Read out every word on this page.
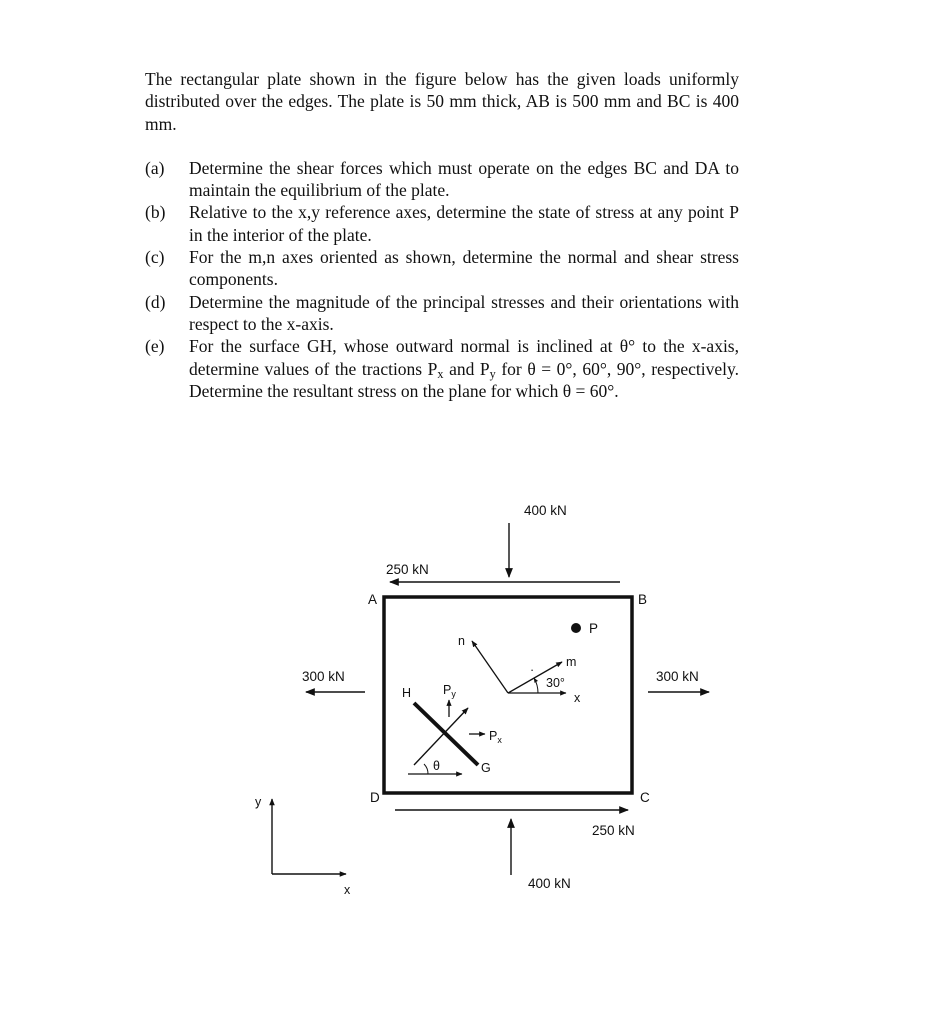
The rectangular plate shown in the figure below has the given loads uniformly distributed over the edges. The plate is 50 mm thick, AB is 500 mm and BC is 400 mm.

(a)	Determine the shear forces which must operate on the edges BC and DA to maintain the equilibrium of the plate.
(b)	Relative to the x,y reference axes, determine the state of stress at any point P in the interior of the plate.
(c)	For the m,n axes oriented as shown, determine the normal and shear stress components.
(d)	Determine the magnitude of the principal stresses and their orientations with respect to the x-axis.
(e)	For the surface GH, whose outward normal is inclined at θ° to the x-axis, determine values of the tractions $P_x$ and $P_y$ for θ = 0°, 60°, 90°, respectively. Determine the resultant stress on the plane for which θ = 60°.
400 kN
250 kN
250 kN
400 kN
300 kN	300 kN
A	B
C
D
P
m
n
30°
x
·
θ
H
G
$P_y$
$P_x$
y
x
